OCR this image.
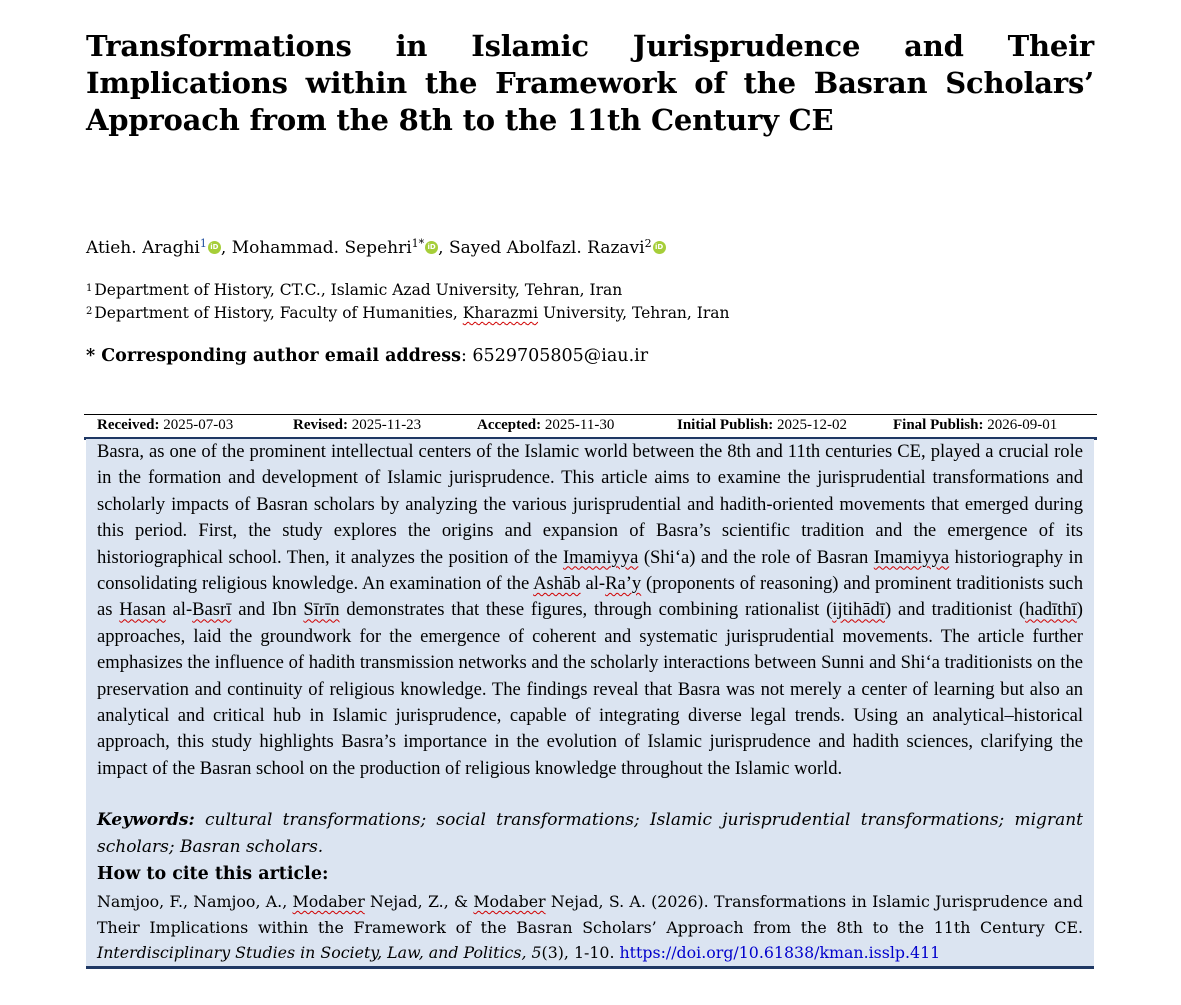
Transformations in Islamic Jurisprudence and Their Implications within the Framework of the Basran Scholars’ Approach from the 8th to the 11th Century CE
Atieh. Araghi$^1$ iD , Mohammad. Sepehri$^{1*}$ iD , Sayed Abolfazl. Razavi$^2$ iD
$^1$ Department of History, CT.C., Islamic Azad University, Tehran, Iran
$^2$ Department of History, Faculty of Humanities, Kharazmi University, Tehran, Iran
* Corresponding author email address: 6529705805@iau.ir
Received: 2025-07-03	Revised: 2025-11-23	Accepted: 2025-11-30	Initial Publish: 2025-12-02	Final Publish: 2026-09-01

Basra, as one of the prominent intellectual centers of the Islamic world between the 8th and 11th centuries CE, played a crucial role in the formation and development of Islamic jurisprudence. This article aims to examine the jurisprudential transformations and scholarly impacts of Basran scholars by analyzing the various jurisprudential and hadith-oriented movements that emerged during this period. First, the study explores the origins and expansion of Basra’s scientific tradition and the emergence of its historiographical school. Then, it analyzes the position of the Imamiyya (Shi‘a) and the role of Basran Imamiyya historiography in consolidating religious knowledge. An examination of the Ashāb al-Ra’y (proponents of reasoning) and prominent traditionists such as Hasan al-Basrī and Ibn Sīrīn demonstrates that these figures, through combining rationalist (ijtihādī) and traditionist (hadīthī) approaches, laid the groundwork for the emergence of coherent and systematic jurisprudential movements. The article further emphasizes the influence of hadith transmission networks and the scholarly interactions between Sunni and Shi‘a traditionists on the preservation and continuity of religious knowledge. The findings reveal that Basra was not merely a center of learning but also an analytical and critical hub in Islamic jurisprudence, capable of integrating diverse legal trends. Using an analytical–historical approach, this study highlights Basra’s importance in the evolution of Islamic jurisprudence and hadith sciences, clarifying the impact of the Basran school on the production of religious knowledge throughout the Islamic world.

Keywords: cultural transformations; social transformations; Islamic jurisprudential transformations; migrant scholars; Basran scholars.

How to cite this article:

Namjoo, F., Namjoo, A., Modaber Nejad, Z., & Modaber Nejad, S. A. (2026). Transformations in Islamic Jurisprudence and Their Implications within the Framework of the Basran Scholars’ Approach from the 8th to the 11th Century CE. Interdisciplinary Studies in Society, Law, and Politics, 5(3), 1-10. https://doi.org/10.61838/kman.isslp.411
